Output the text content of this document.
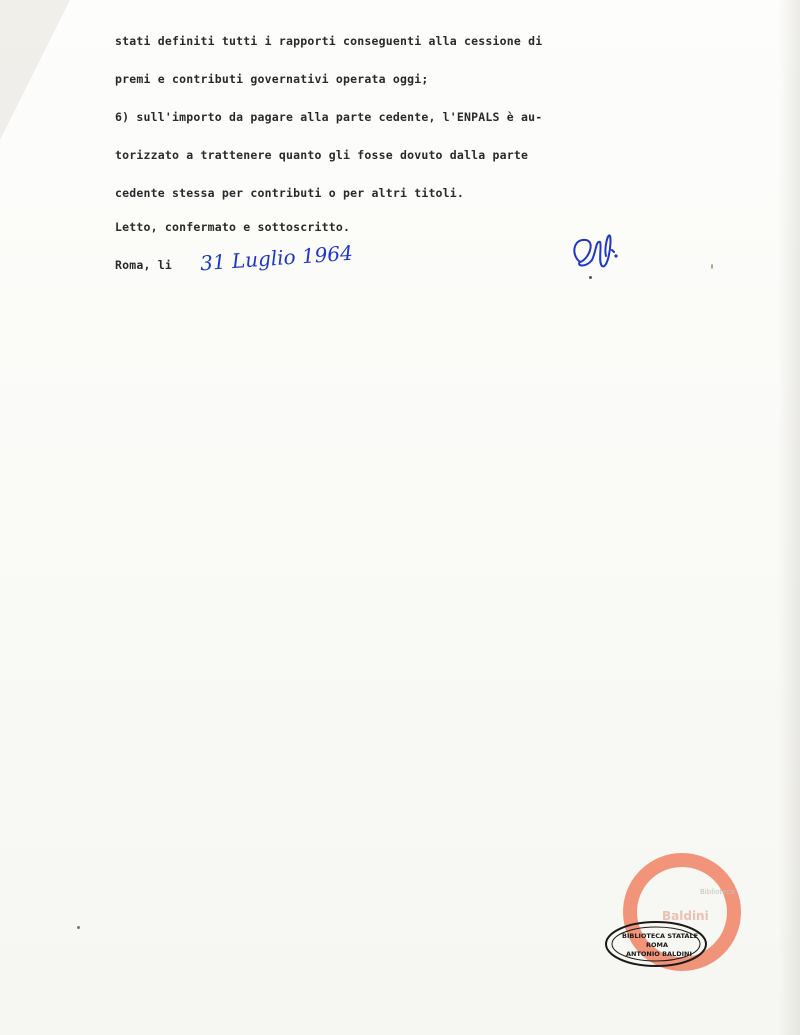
stati definiti tutti i rapporti conseguenti alla cessione di
premi e contributi governativi operata oggi;
6) sull'importo da pagare alla parte cedente, l'ENPALS è au-
torizzato a trattenere quanto gli fosse dovuto dalla parte
cedente stessa per contributi o per altri titoli.
Letto, confermato e sottoscritto.
Roma, li 31 Luglio 1964
Biblioteca
Baldini
BIBLIOTECA STATALE
ROMA
ANTONIO BALDINI
